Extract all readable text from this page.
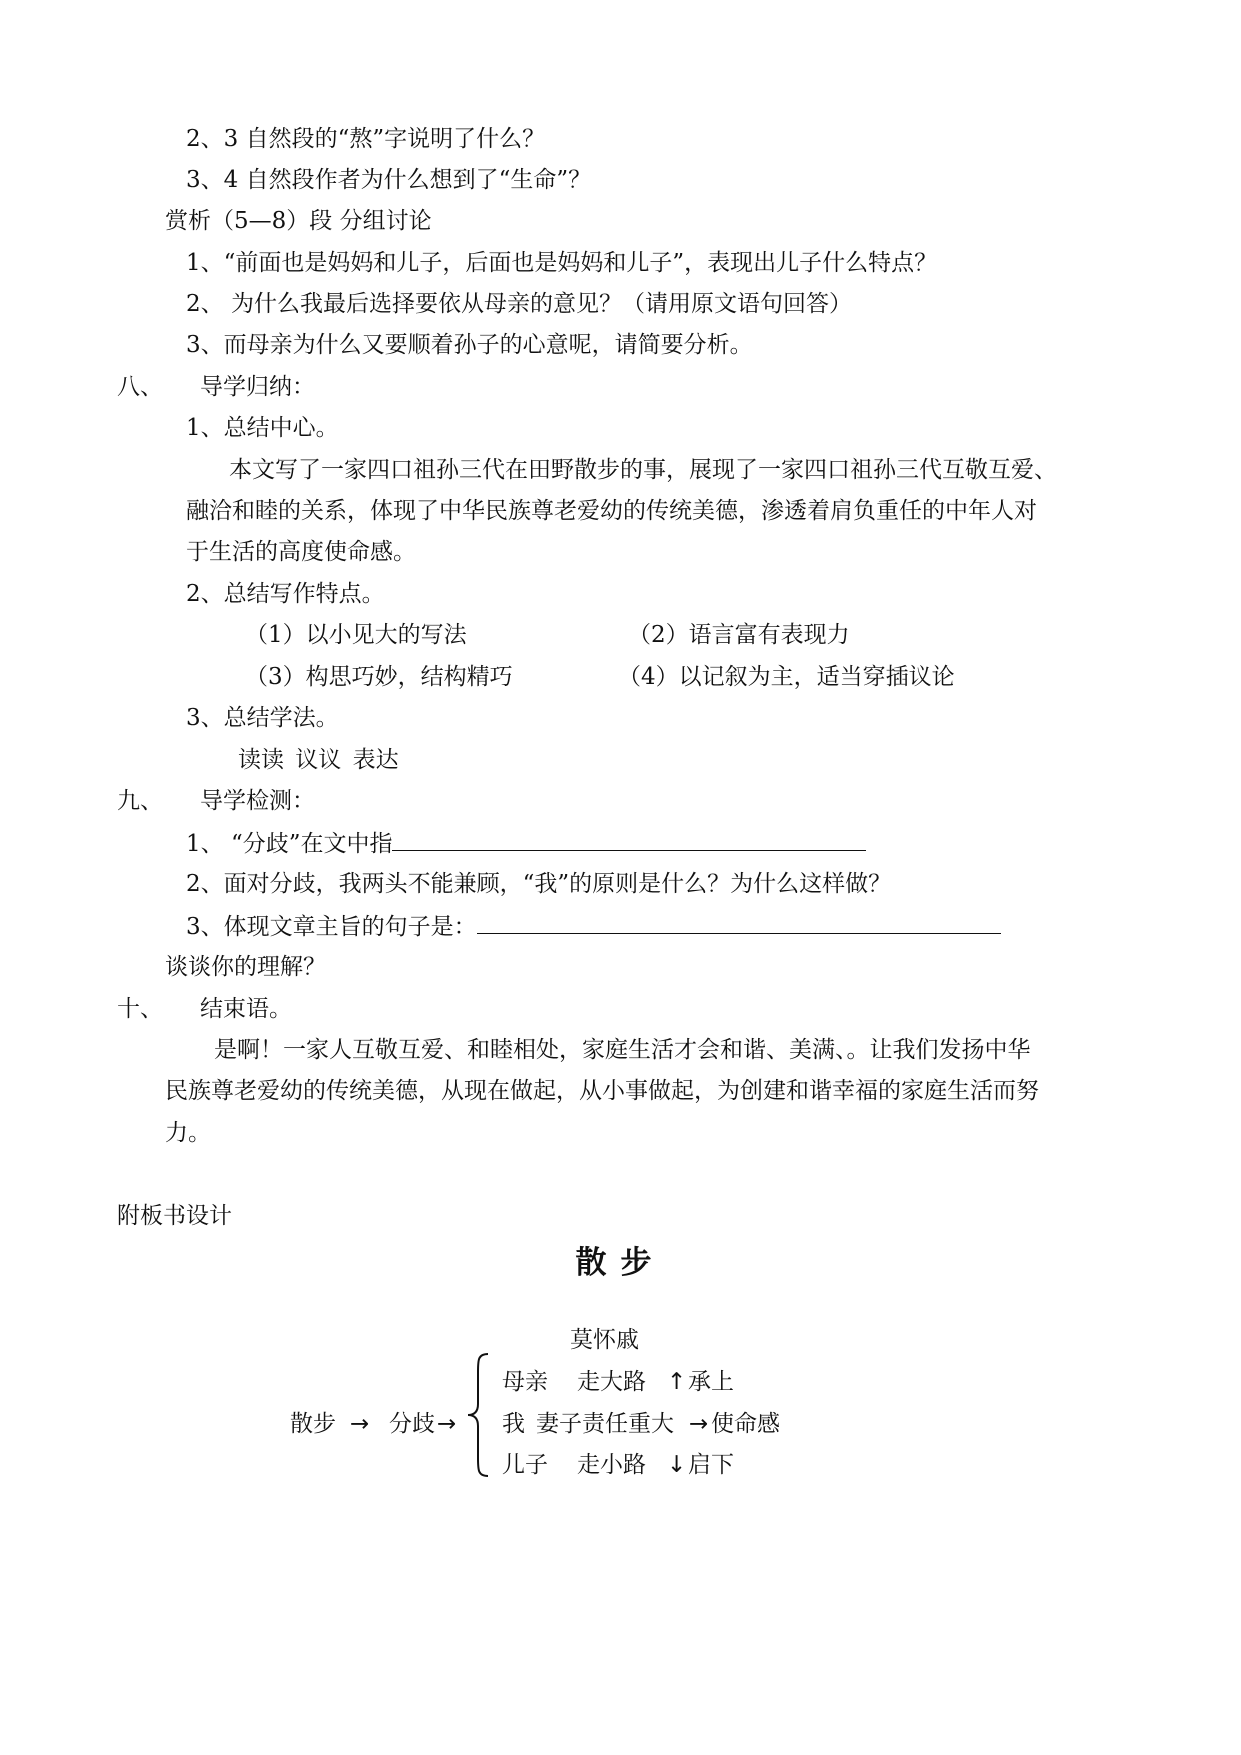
2、3 自然段的“熬”字说明了什么？
3、4 自然段作者为什么想到了“生命”？
赏析（5—8）段 分组讨论
1、“前面也是妈妈和儿子，后面也是妈妈和儿子”，表现出儿子什么特点？
2、 为什么我最后选择要依从母亲的意见？（请用原文语句回答）
3、而母亲为什么又要顺着孙子的心意呢，请简要分析。
八、 导学归纳：
1、总结中心。
本文写了一家四口祖孙三代在田野散步的事，展现了一家四口祖孙三代互敬互爱、
融洽和睦的关系，体现了中华民族尊老爱幼的传统美德，渗透着肩负重任的中年人对
于生活的高度使命感。
2、总结写作特点。
（1）以小见大的写法	（2）语言富有表现力
（3）构思巧妙，结构精巧	（4）以记叙为主，适当穿插议论
3、总结学法。
读读 议议 表达
九、 导学检测：
1、 “分歧”在文中指
2、面对分歧，我两头不能兼顾，“我”的原则是什么？为什么这样做？
3、体现文章主旨的句子是：
谈谈你的理解？
十、 结束语。
是啊！一家人互敬互爱、和睦相处，家庭生活才会和谐、美满、。让我们发扬中华
民族尊老爱幼的传统美德，从现在做起，从小事做起，为创建和谐幸福的家庭生活而努
力。
附板书设计
散步
莫怀戚
散步 → 分歧 →
母亲 走大路 ↑ 承上
我 妻子责任重大 → 使命感
儿子 走小路 ↓ 启下
